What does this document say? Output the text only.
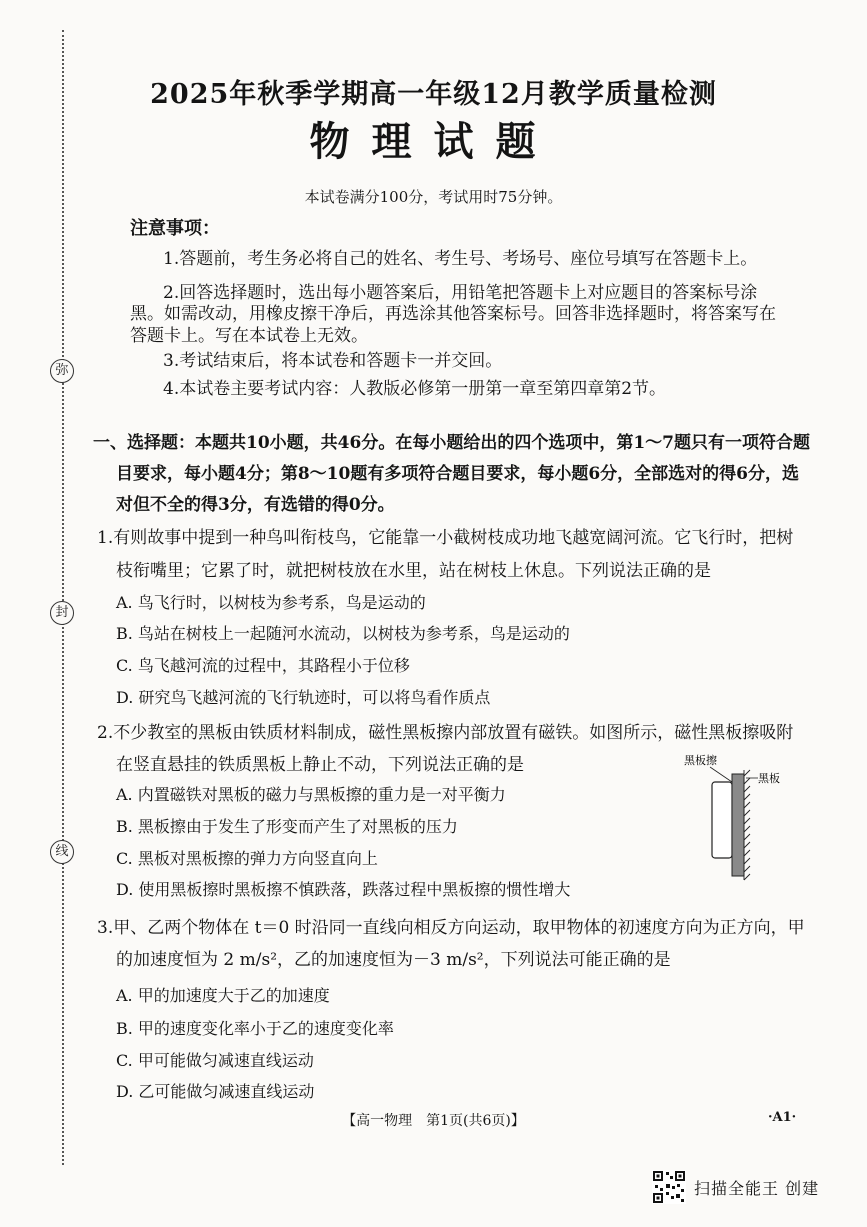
弥
封
线
2025年秋季学期高一年级12月教学质量检测
物理试题
本试卷满分100分，考试用时75分钟。
注意事项：
1.答题前，考生务必将自己的姓名、考生号、考场号、座位号填写在答题卡上。
2.回答选择题时，选出每小题答案后，用铅笔把答题卡上对应题目的答案标号涂
黑。如需改动，用橡皮擦干净后，再选涂其他答案标号。回答非选择题时，将答案写在
答题卡上。写在本试卷上无效。
3.考试结束后，将本试卷和答题卡一并交回。
4.本试卷主要考试内容：人教版必修第一册第一章至第四章第2节。
一、选择题：本题共10小题，共46分。在每小题给出的四个选项中，第1～7题只有一项符合题
目要求，每小题4分；第8～10题有多项符合题目要求，每小题6分，全部选对的得6分，选
对但不全的得3分，有选错的得0分。
1.有则故事中提到一种鸟叫衔枝鸟，它能靠一小截树枝成功地飞越宽阔河流。它飞行时，把树
枝衔嘴里；它累了时，就把树枝放在水里，站在树枝上休息。下列说法正确的是
A. 鸟飞行时，以树枝为参考系，鸟是运动的
B. 鸟站在树枝上一起随河水流动，以树枝为参考系，鸟是运动的
C. 鸟飞越河流的过程中，其路程小于位移
D. 研究鸟飞越河流的飞行轨迹时，可以将鸟看作质点
2.不少教室的黑板由铁质材料制成，磁性黑板擦内部放置有磁铁。如图所示，磁性黑板擦吸附
在竖直悬挂的铁质黑板上静止不动，下列说法正确的是
A. 内置磁铁对黑板的磁力与黑板擦的重力是一对平衡力
B. 黑板擦由于发生了形变而产生了对黑板的压力
C. 黑板对黑板擦的弹力方向竖直向上
D. 使用黑板擦时黑板擦不慎跌落，跌落过程中黑板擦的惯性增大
黑板擦
黑板
3.甲、乙两个物体在 t＝0 时沿同一直线向相反方向运动，取甲物体的初速度方向为正方向，甲
的加速度恒为 2 m/s²，乙的加速度恒为－3 m/s²，下列说法可能正确的是
A. 甲的加速度大于乙的加速度
B. 甲的速度变化率小于乙的速度变化率
C. 甲可能做匀减速直线运动
D. 乙可能做匀减速直线运动
【高一物理　第1页(共6页)】	·A1·
扫描全能王 创建
